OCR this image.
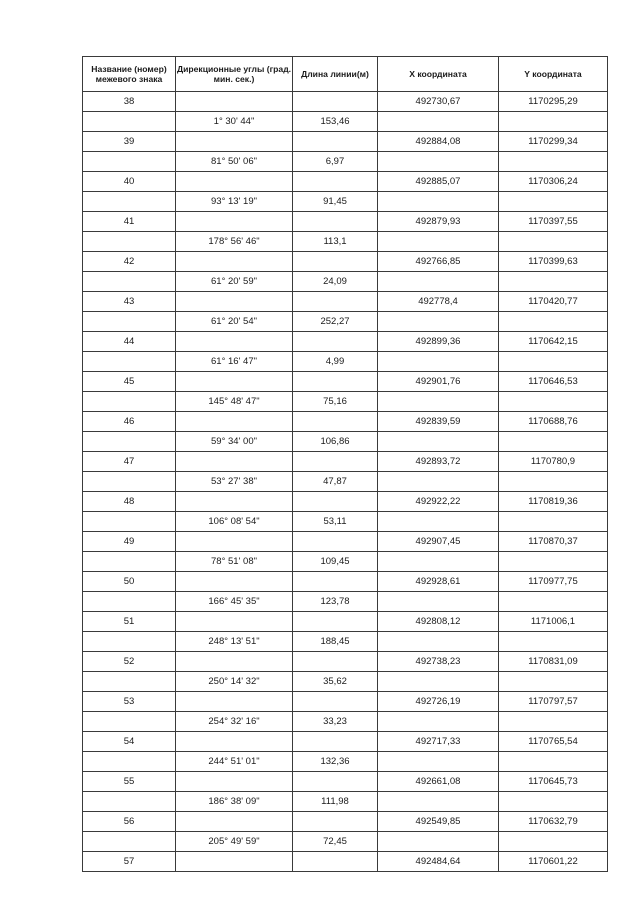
Название (номер) межевого знака	Дирекционные углы (град. мин. сек.)	Длина линии(м)	X координата	Y координата
38			492730,67	1170295,29
	1° 30' 44"	153,46		
39			492884,08	1170299,34
	81° 50' 06"	6,97		
40			492885,07	1170306,24
	93° 13' 19"	91,45		
41			492879,93	1170397,55
	178° 56' 46"	113,1		
42			492766,85	1170399,63
	61° 20' 59"	24,09		
43			492778,4	1170420,77
	61° 20' 54"	252,27		
44			492899,36	1170642,15
	61° 16' 47"	4,99		
45			492901,76	1170646,53
	145° 48' 47"	75,16		
46			492839,59	1170688,76
	59° 34' 00"	106,86		
47			492893,72	1170780,9
	53° 27' 38"	47,87		
48			492922,22	1170819,36
	106° 08' 54"	53,11		
49			492907,45	1170870,37
	78° 51' 08"	109,45		
50			492928,61	1170977,75
	166° 45' 35"	123,78		
51			492808,12	1171006,1
	248° 13' 51"	188,45		
52			492738,23	1170831,09
	250° 14' 32"	35,62		
53			492726,19	1170797,57
	254° 32' 16"	33,23		
54			492717,33	1170765,54
	244° 51' 01"	132,36		
55			492661,08	1170645,73
	186° 38' 09"	111,98		
56			492549,85	1170632,79
	205° 49' 59"	72,45		
57			492484,64	1170601,22
